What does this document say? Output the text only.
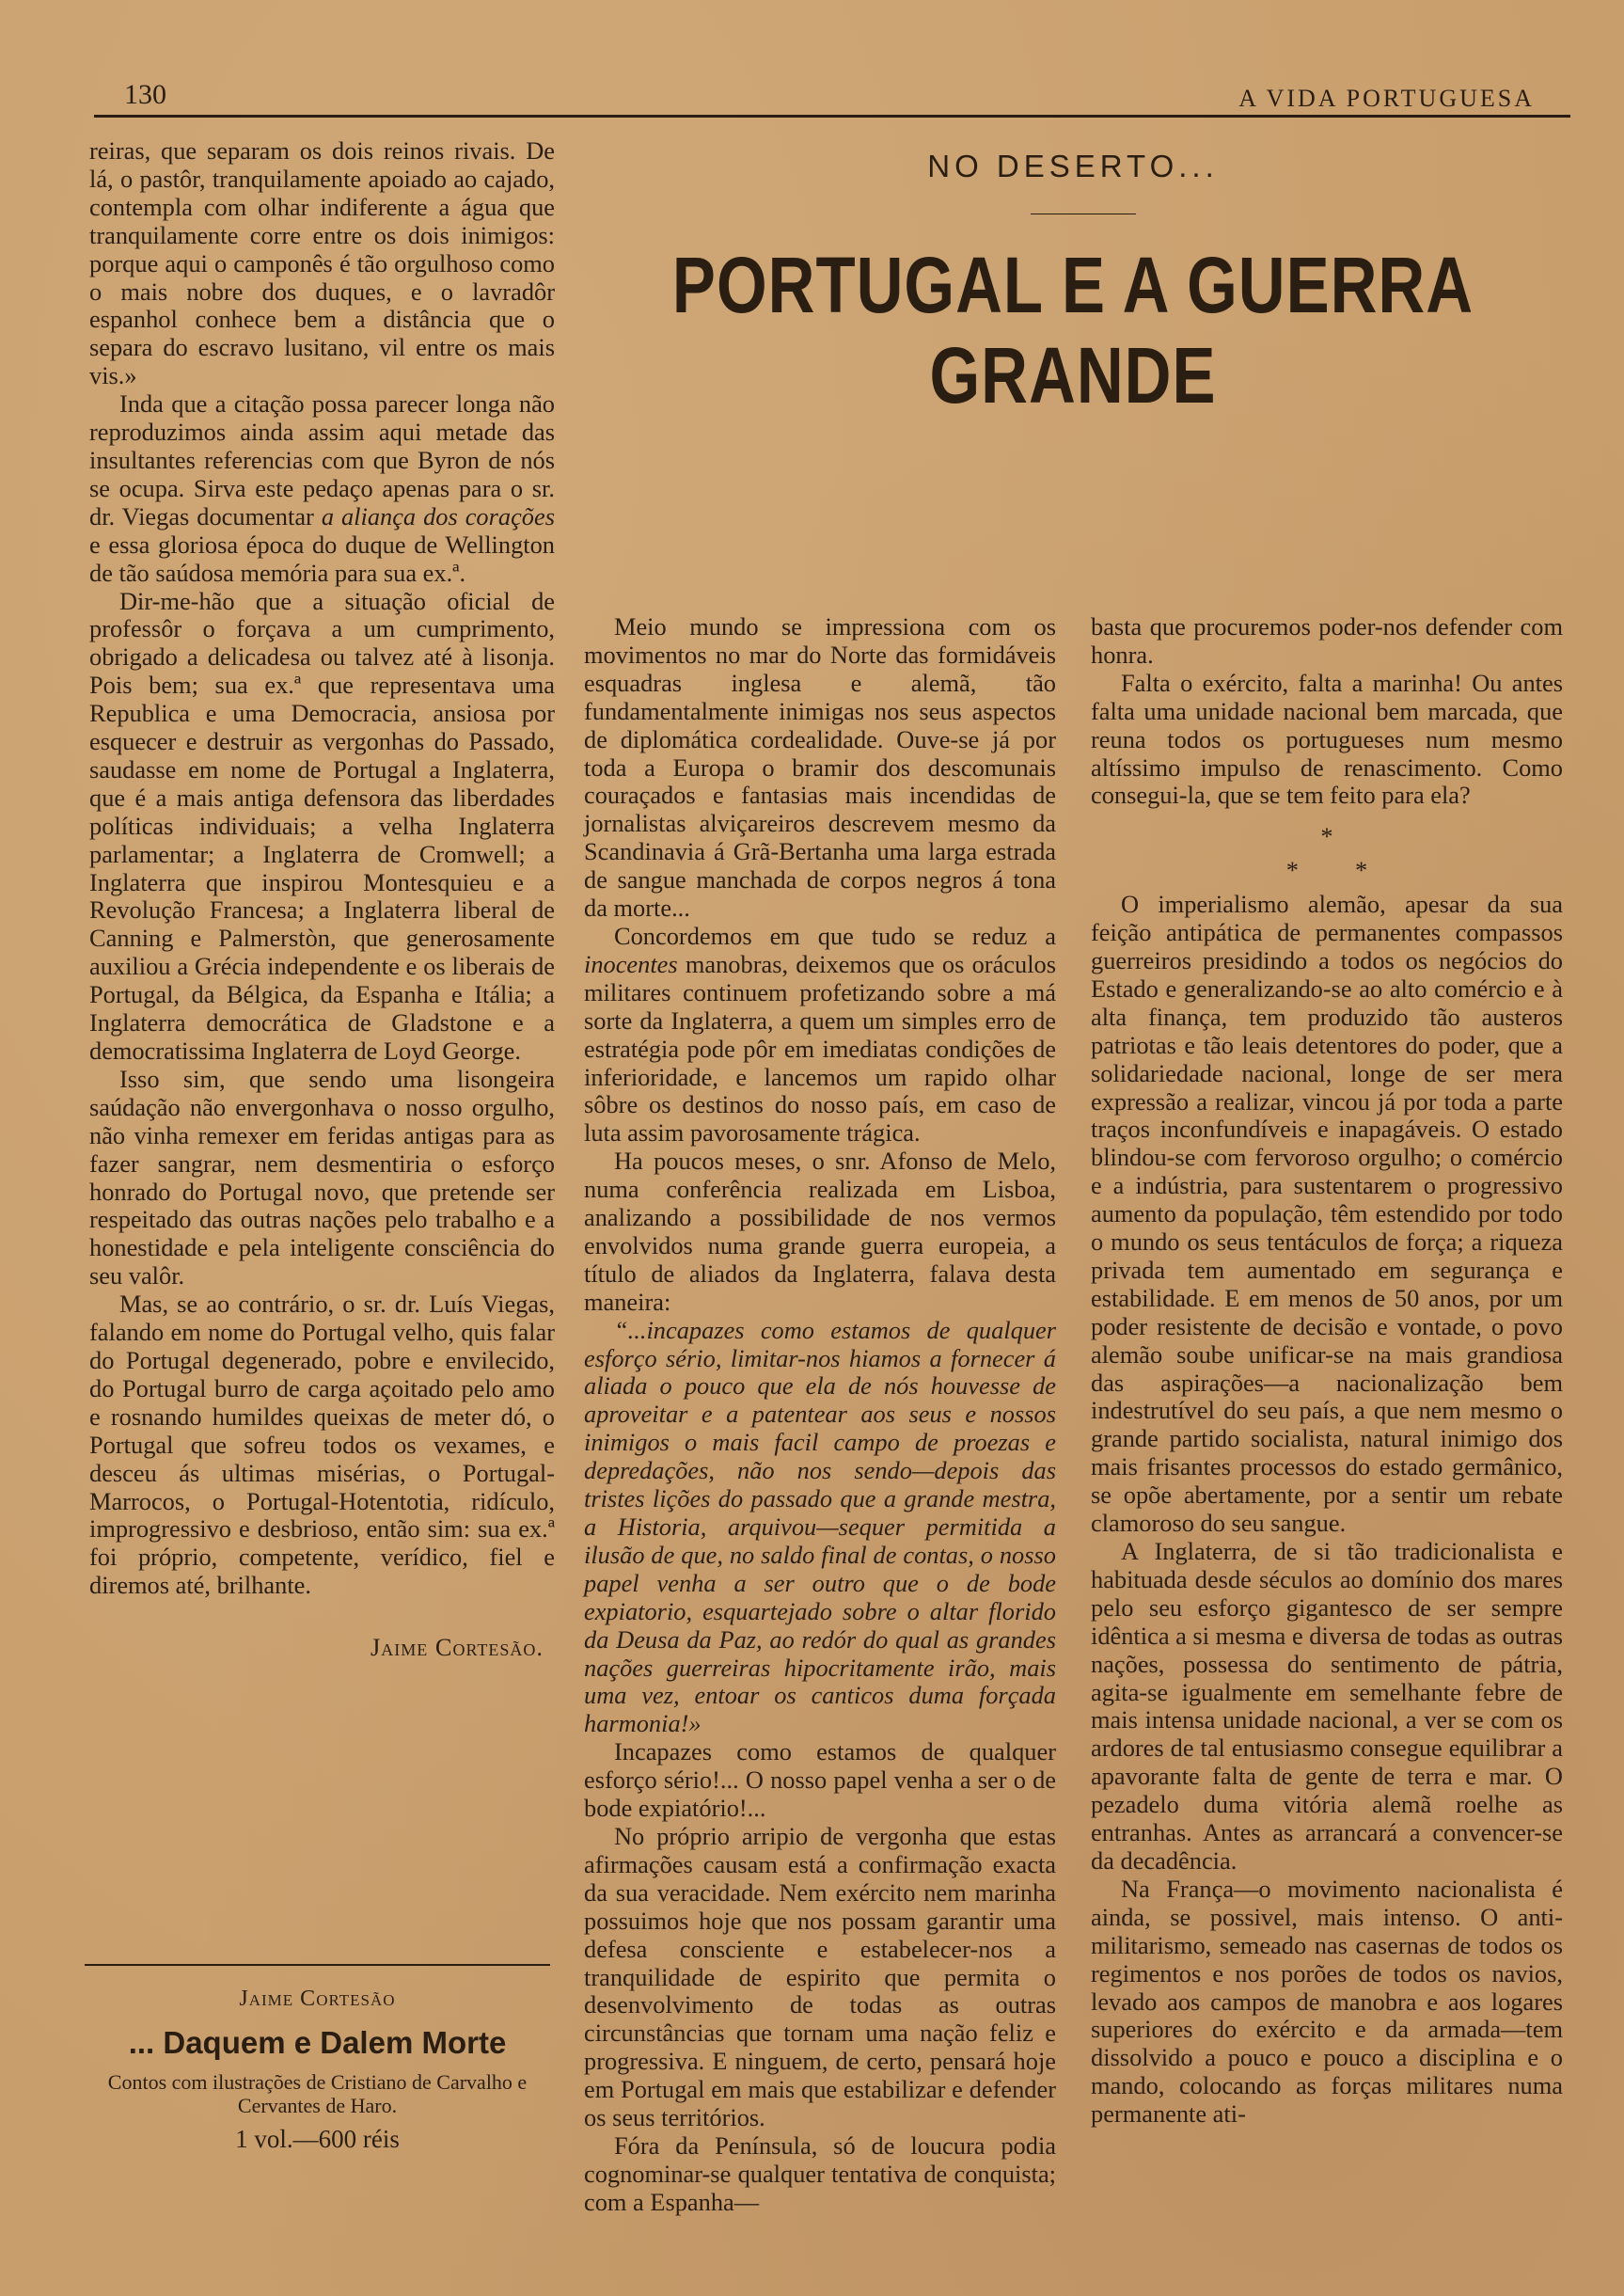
130	A VIDA PORTUGUESA

reiras, que separam os dois reinos rivais. De lá, o pastôr, tranquilamente apoiado ao cajado, contempla com olhar indiferente a água que tranquilamente corre entre os dois inimigos: porque aqui o camponês é tão orgulhoso como o mais nobre dos duques, e o lavradôr espanhol conhece bem a distância que o separa do escravo lusitano, vil entre os mais vis.»

Inda que a citação possa parecer longa não reproduzimos ainda assim aqui metade das insultantes referencias com que Byron de nós se ocupa. Sirva este pedaço apenas para o sr. dr. Viegas documentar a aliança dos corações e essa gloriosa época do duque de Wellington de tão saúdosa memória para sua ex.ª.

Dir-me-hão que a situação oficial de professôr o forçava a um cumprimento, obrigado a delicadesa ou talvez até à lisonja. Pois bem; sua ex.ª que representava uma Republica e uma Democracia, ansiosa por esquecer e destruir as vergonhas do Passado, saudasse em nome de Portugal a Inglaterra, que é a mais antiga defensora das liberdades políticas individuais; a velha Inglaterra parlamentar; a Inglaterra de Cromwell; a Inglaterra que inspirou Montesquieu e a Revolução Francesa; a Inglaterra liberal de Canning e Palmerstòn, que generosamente auxiliou a Grécia independente e os liberais de Portugal, da Bélgica, da Espanha e Itália; a Inglaterra democrática de Gladstone e a democratissima Inglaterra de Loyd George.

Isso sim, que sendo uma lisongeira saúdação não envergonhava o nosso orgulho, não vinha remexer em feridas antigas para as fazer sangrar, nem desmentiria o esforço honrado do Portugal novo, que pretende ser respeitado das outras nações pelo trabalho e a honestidade e pela inteligente consciência do seu valôr.

Mas, se ao contrário, o sr. dr. Luís Viegas, falando em nome do Portugal velho, quis falar do Portugal degenerado, pobre e envilecido, do Portugal burro de carga açoitado pelo amo e rosnando humildes queixas de meter dó, o Portugal que sofreu todos os vexames, e desceu ás ultimas misérias, o Portugal-Marrocos, o Portugal-Hotentotia, ridículo, improgressivo e desbrioso, então sim: sua ex.ª foi próprio, competente, verídico, fiel e diremos até, brilhante.

Jaime Cortesão.
Jaime Cortesão
... Daquem e Dalem Morte
Contos com ilustrações de Cristiano de Carvalho e Cervantes de Haro.
1 vol.—600 réis
NO DESERTO...
PORTUGAL E A GUERRA GRANDE

Meio mundo se impressiona com os movimentos no mar do Norte das formidáveis esquadras inglesa e alemã, tão fundamentalmente inimigas nos seus aspectos de diplomática cordealidade. Ouve-se já por toda a Europa o bramir dos descomunais couraçados e fantasias mais incendidas de jornalistas alviçareiros descrevem mesmo da Scandinavia á Grã-Bertanha uma larga estrada de sangue manchada de corpos negros á tona da morte...

Concordemos em que tudo se reduz a inocentes manobras, deixemos que os oráculos militares continuem profetizando sobre a má sorte da Inglaterra, a quem um simples erro de estratégia pode pôr em imediatas condições de inferioridade, e lancemos um rapido olhar sôbre os destinos do nosso país, em caso de luta assim pavorosamente trágica.

Ha poucos meses, o snr. Afonso de Melo, numa conferência realizada em Lisboa, analizando a possibilidade de nos vermos envolvidos numa grande guerra europeia, a título de aliados da Inglaterra, falava desta maneira:

“...incapazes como estamos de qualquer esforço sério, limitar-nos hiamos a fornecer á aliada o pouco que ela de nós houvesse de aproveitar e a patentear aos seus e nossos inimigos o mais facil campo de proezas e depredações, não nos sendo—depois das tristes lições do passado que a grande mestra, a Historia, arquivou—sequer permitida a ilusão de que, no saldo final de contas, o nosso papel venha a ser outro que o de bode expiatorio, esquartejado sobre o altar florido da Deusa da Paz, ao redór do qual as grandes nações guerreiras hipocritamente irão, mais uma vez, entoar os canticos duma forçada harmonia!»

Incapazes como estamos de qualquer esforço sério!... O nosso papel venha a ser o de bode expiatório!...

No próprio arripio de vergonha que estas afirmações causam está a confirmação exacta da sua veracidade. Nem exército nem marinha possuimos hoje que nos possam garantir uma defesa consciente e estabelecer-nos a tranquilidade de espirito que permita o desenvolvimento de todas as outras circunstâncias que tornam uma nação feliz e progressiva. E ninguem, de certo, pensará hoje em Portugal em mais que estabilizar e defender os seus territórios.

Fóra da Península, só de loucura podia cognominar-se qualquer tentativa de conquista; com a Espanha—

basta que procuremos poder-nos defender com honra.

Falta o exército, falta a marinha! Ou antes falta uma unidade nacional bem marcada, que reuna todos os portugueses num mesmo altíssimo impulso de renascimento. Como consegui-la, que se tem feito para ela?

*
* *

O imperialismo alemão, apesar da sua feição antipática de permanentes compassos guerreiros presidindo a todos os negócios do Estado e generalizando-se ao alto comércio e à alta finança, tem produzido tão austeros patriotas e tão leais detentores do poder, que a solidariedade nacional, longe de ser mera expressão a realizar, vincou já por toda a parte traços inconfundíveis e inapagáveis. O estado blindou-se com fervoroso orgulho; o comércio e a indústria, para sustentarem o progressivo aumento da população, têm estendido por todo o mundo os seus tentáculos de força; a riqueza privada tem aumentado em segurança e estabilidade. E em menos de 50 anos, por um poder resistente de decisão e vontade, o povo alemão soube unificar-se na mais grandiosa das aspirações—a nacionalização bem indestrutível do seu país, a que nem mesmo o grande partido socialista, natural inimigo dos mais frisantes processos do estado germânico, se opõe abertamente, por a sentir um rebate clamoroso do seu sangue.

A Inglaterra, de si tão tradicionalista e habituada desde séculos ao domínio dos mares pelo seu esforço gigantesco de ser sempre idêntica a si mesma e diversa de todas as outras nações, possessa do sentimento de pátria, agita-se igualmente em semelhante febre de mais intensa unidade nacional, a ver se com os ardores de tal entusiasmo consegue equilibrar a apavorante falta de gente de terra e mar. O pezadelo duma vitória alemã roelhe as entranhas. Antes as arrancará a convencer-se da decadência.

Na França—o movimento nacionalista é ainda, se possivel, mais intenso. O anti-militarismo, semeado nas casernas de todos os regimentos e nos porões de todos os navios, levado aos campos de manobra e aos logares superiores do exército e da armada—tem dissolvido a pouco e pouco a disciplina e o mando, colocando as forças militares numa permanente ati-
